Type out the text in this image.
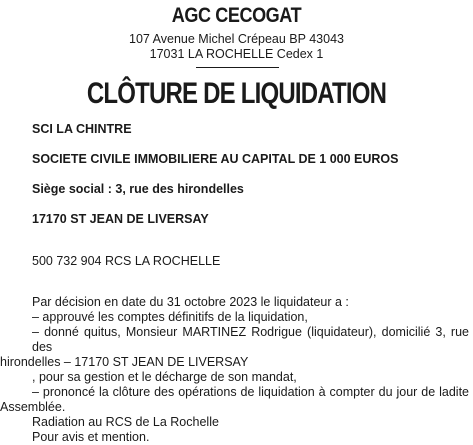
AGC CECOGAT
107 Avenue Michel Crépeau BP 43043
17031 LA ROCHELLE Cedex 1
CLÔTURE DE LIQUIDATION
SCI LA CHINTRE
SOCIETE CIVILE IMMOBILIERE AU CAPITAL DE 1 000 EUROS
Siège social : 3, rue des hirondelles
17170 ST JEAN DE LIVERSAY
500 732 904 RCS LA ROCHELLE
Par décision en date du 31 octobre 2023 le liquidateur a :
– approuvé les comptes définitifs de la liquidation,
– donné quitus, Monsieur MARTINEZ Rodrigue (liquidateur), domicilié 3, rue des
hirondelles – 17170 ST JEAN DE LIVERSAY
, pour sa gestion et le décharge de son mandat,
– prononcé la clôture des opérations de liquidation à compter du jour de ladite
Assemblée.
Radiation au RCS de La Rochelle
Pour avis et mention.
